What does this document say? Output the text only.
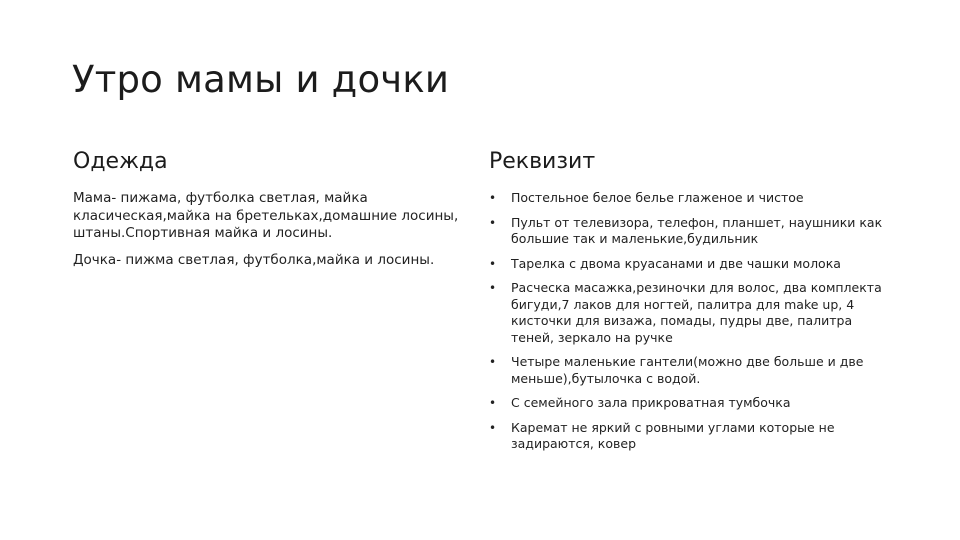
Утро мамы и дочки
Одежда

Мама- пижама, футболка светлая, майка класическая,майка на бретельках,домашние лосины, штаны.Спортивная майка и лосины.

Дочка- пижма светлая, футболка,майка и лосины.

Реквизит
• Постельное белое белье глаженое и чистое
• Пульт от телевизора, телефон, планшет, наушники как большие так и маленькие,будильник
• Тарелка с двома круасанами и две чашки молока
• Расческа масажка,резиночки для волос, два комплекта бигуди,7 лаков для ногтей, палитра для make up, 4 кисточки для визажа, помады, пудры две, палитра теней, зеркало на ручке
• Четыре маленькие гантели(можно две больше и две меньше),бутылочка с водой.
• С семейного зала прикроватная тумбочка
• Каремат не яркий с ровными углами которые не задираются, ковер
